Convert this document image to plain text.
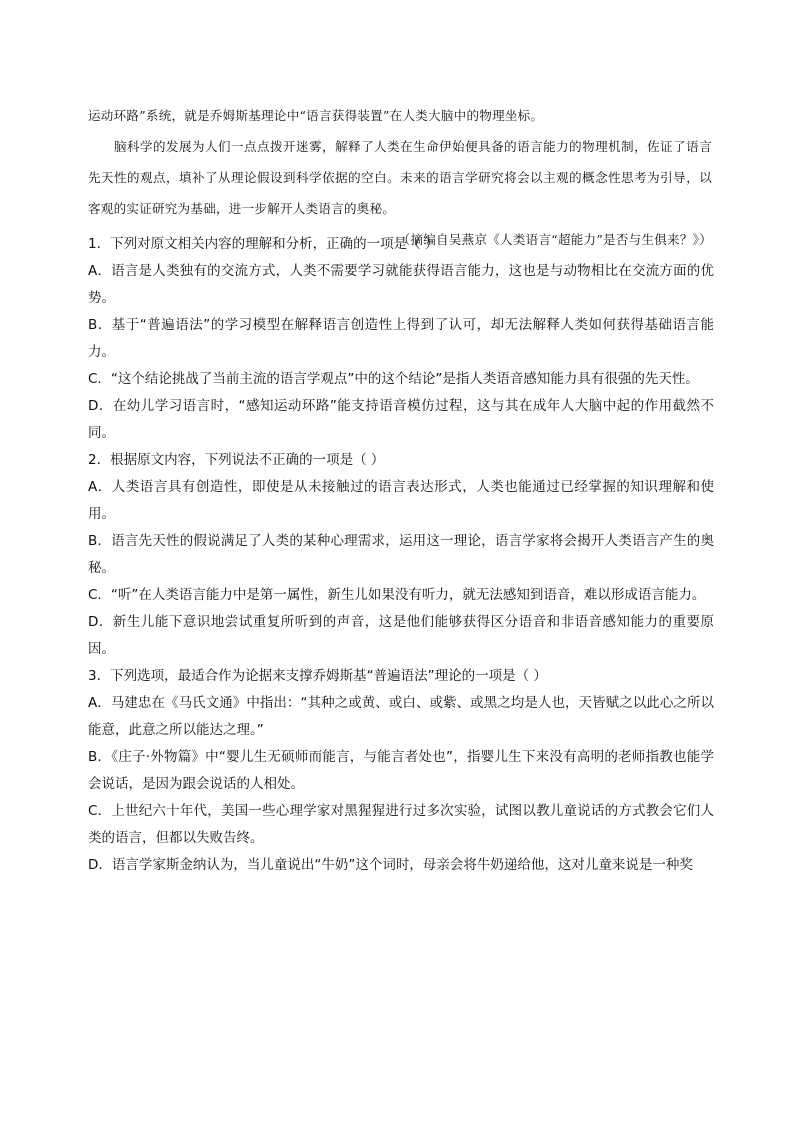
运动环路”系统，就是乔姆斯基理论中“语言获得装置”在人类大脑中的物理坐标。

脑科学的发展为人们一点点拨开迷雾，解释了人类在生命伊始便具备的语言能力的物理机制，佐证了语言先天性的观点，填补了从理论假设到科学依据的空白。未来的语言学研究将会以主观的概念性思考为引导，以客观的实证研究为基础，进一步解开人类语言的奥秘。

（摘编自吴燕京《人类语言“超能力”是否与生俱来？》）

1．下列对原文相关内容的理解和分析，正确的一项是（ ）

A．语言是人类独有的交流方式，人类不需要学习就能获得语言能力，这也是与动物相比在交流方面的优势。

B．基于“普遍语法”的学习模型在解释语言创造性上得到了认可，却无法解释人类如何获得基础语言能力。

C．“这个结论挑战了当前主流的语言学观点”中的这个结论”是指人类语音感知能力具有很强的先天性。

D．在幼儿学习语言时，“感知运动环路”能支持语音模仿过程，这与其在成年人大脑中起的作用截然不同。

2．根据原文内容，下列说法不正确的一项是（ ）

A．人类语言具有创造性，即使是从未接触过的语言表达形式，人类也能通过已经掌握的知识理解和使用。

B．语言先天性的假说满足了人类的某种心理需求，运用这一理论，语言学家将会揭开人类语言产生的奥秘。

C．“听”在人类语言能力中是第一属性，新生儿如果没有听力，就无法感知到语音，难以形成语言能力。

D．新生儿能下意识地尝试重复所听到的声音，这是他们能够获得区分语音和非语音感知能力的重要原因。

3．下列选项，最适合作为论据来支撑乔姆斯基“普遍语法”理论的一项是（ ）

A．马建忠在《马氏文通》中指出：“其种之或黄、或白、或紫、或黑之均是人也，天皆赋之以此心之所以能意，此意之所以能达之理。”

B．《庄子·外物篇》中“婴儿生无硕师而能言，与能言者处也”，指婴儿生下来没有高明的老师指教也能学会说话，是因为跟会说话的人相处。

C．上世纪六十年代，美国一些心理学家对黑猩猩进行过多次实验，试图以教儿童说话的方式教会它们人类的语言，但都以失败告终。

D．语言学家斯金纳认为，当儿童说出“牛奶”这个词时，母亲会将牛奶递给他，这对儿童来说是一种奖
